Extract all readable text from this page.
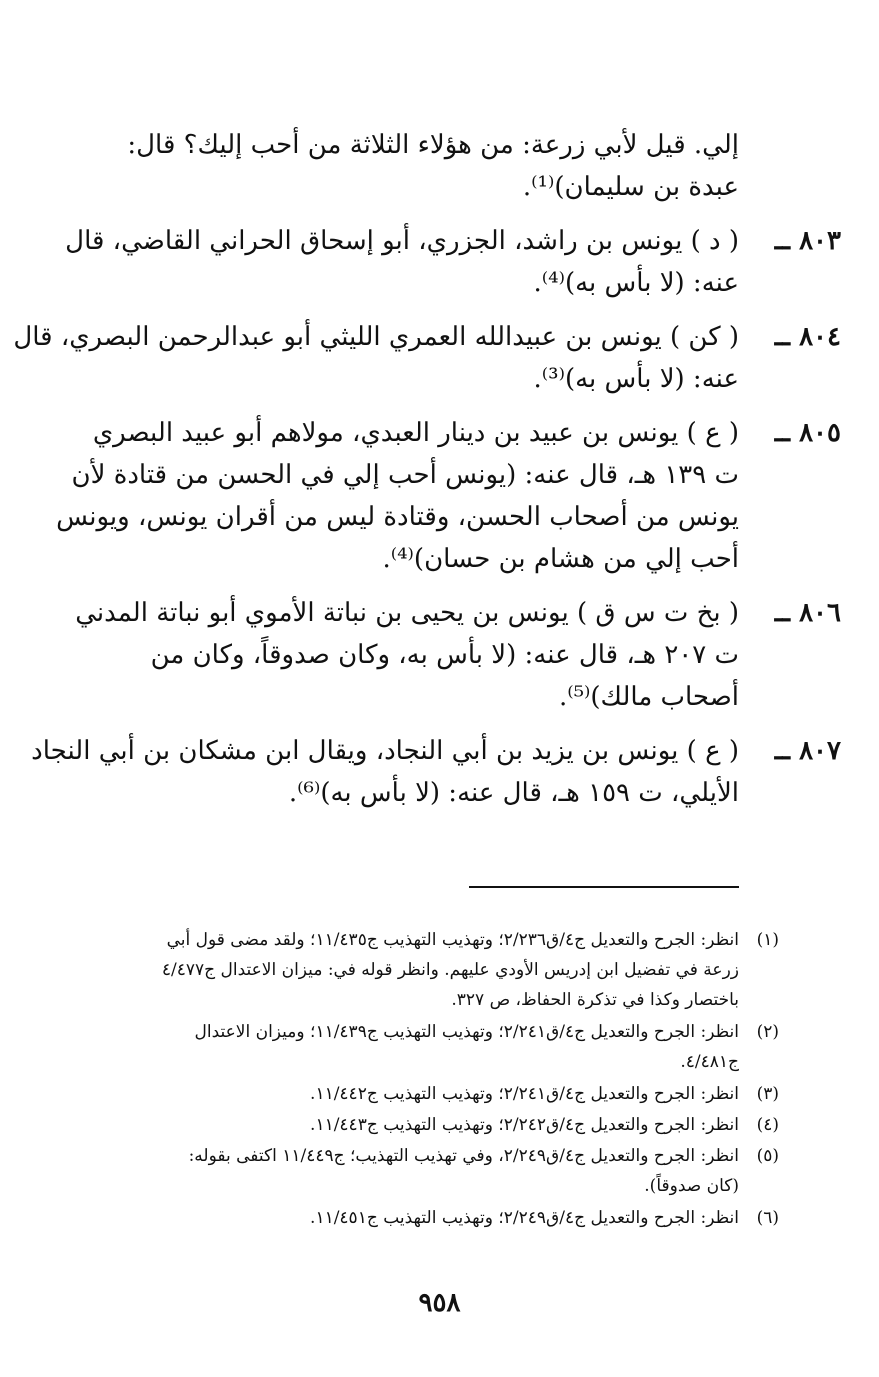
إلي. قيل لأبي زرعة: من هؤلاء الثلاثة من أحب إليك؟ قال:
عبدة بن سليمان)⁽¹⁾.
٨٠٣ ــ
( د ) يونس بن راشد، الجزري، أبو إسحاق الحراني القاضي، قال
عنه: (لا بأس به)⁽⁴⁾.
٨٠٤ ــ
( كن ) يونس بن عبيدالله العمري الليثي أبو عبدالرحمن البصري، قال
عنه: (لا بأس به)⁽³⁾.
٨٠٥ ــ
( ع ) يونس بن عبيد بن دينار العبدي، مولاهم أبو عبيد البصري
ت ١٣٩ هـ، قال عنه: (يونس أحب إلي في الحسن من قتادة لأن
يونس من أصحاب الحسن، وقتادة ليس من أقران يونس، ويونس
أحب إلي من هشام بن حسان)⁽⁴⁾.
٨٠٦ ــ
( بخ ت س ق ) يونس بن يحيى بن نباتة الأموي أبو نباتة المدني
ت ٢٠٧ هـ، قال عنه: (لا بأس به، وكان صدوقاً، وكان من
أصحاب مالك)⁽⁵⁾.
٨٠٧ ــ
( ع ) يونس بن يزيد بن أبي النجاد، ويقال ابن مشكان بن أبي النجاد
الأيلي، ت ١٥٩ هـ، قال عنه: (لا بأس به)⁽⁶⁾.
(١)
انظر: الجرح والتعديل ج٤/ق٢/٢٣٦؛ وتهذيب التهذيب ج١١/٤٣٥؛ ولقد مضى قول أبي
زرعة في تفضيل ابن إدريس الأودي عليهم. وانظر قوله في: ميزان الاعتدال ج٤/٤٧٧
باختصار وكذا في تذكرة الحفاظ، ص ٣٢٧.
(٢)
انظر: الجرح والتعديل ج٤/ق٢/٢٤١؛ وتهذيب التهذيب ج١١/٤٣٩؛ وميزان الاعتدال
ج٤/٤٨١.
(٣)
انظر: الجرح والتعديل ج٤/ق٢/٢٤١؛ وتهذيب التهذيب ج١١/٤٤٢.
(٤)
انظر: الجرح والتعديل ج٤/ق٢/٢٤٢؛ وتهذيب التهذيب ج١١/٤٤٣.
(٥)
انظر: الجرح والتعديل ج٤/ق٢/٢٤٩، وفي تهذيب التهذيب؛ ج١١/٤٤٩ اكتفى بقوله:
(كان صدوقاً).
(٦)
انظر: الجرح والتعديل ج٤/ق٢/٢٤٩؛ وتهذيب التهذيب ج١١/٤٥١.
٩٥٨
